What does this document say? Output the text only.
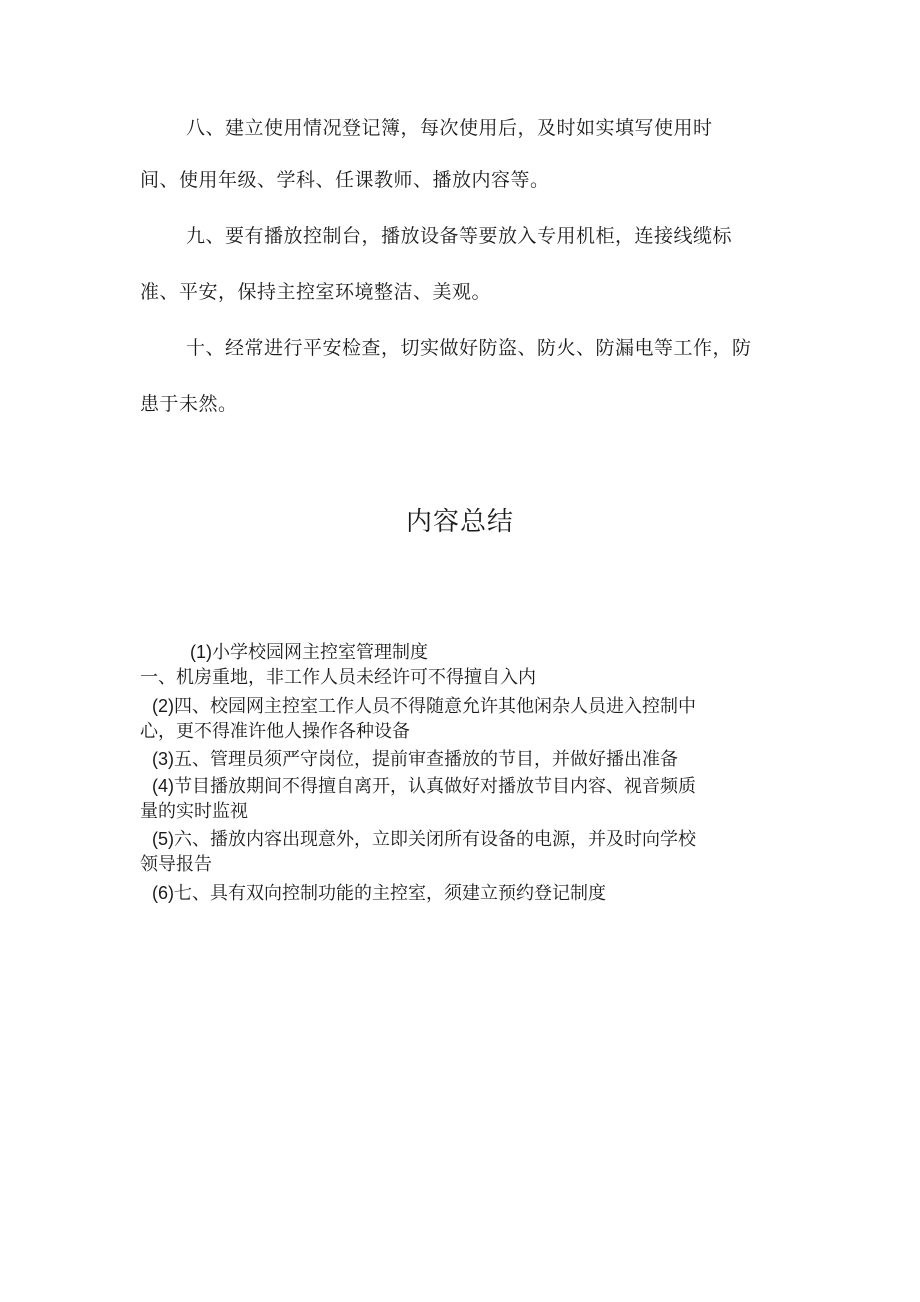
八、建立使用情况登记簿，每次使用后，及时如实填写使用时
间、使用年级、学科、任课教师、播放内容等。
九、要有播放控制台，播放设备等要放入专用机柜，连接线缆标
准、平安，保持主控室环境整洁、美观。
十、经常进行平安检查，切实做好防盗、防火、防漏电等工作，防
患于未然。
内容总结
(1)小学校园网主控室管理制度
一、机房重地，非工作人员未经许可不得擅自入内
(2)四、校园网主控室工作人员不得随意允许其他闲杂人员进入控制中
心，更不得准许他人操作各种设备
(3)五、管理员须严守岗位，提前审查播放的节目，并做好播出准备
(4)节目播放期间不得擅自离开，认真做好对播放节目内容、视音频质
量的实时监视
(5)六、播放内容出现意外，立即关闭所有设备的电源，并及时向学校
领导报告
(6)七、具有双向控制功能的主控室，须建立预约登记制度
